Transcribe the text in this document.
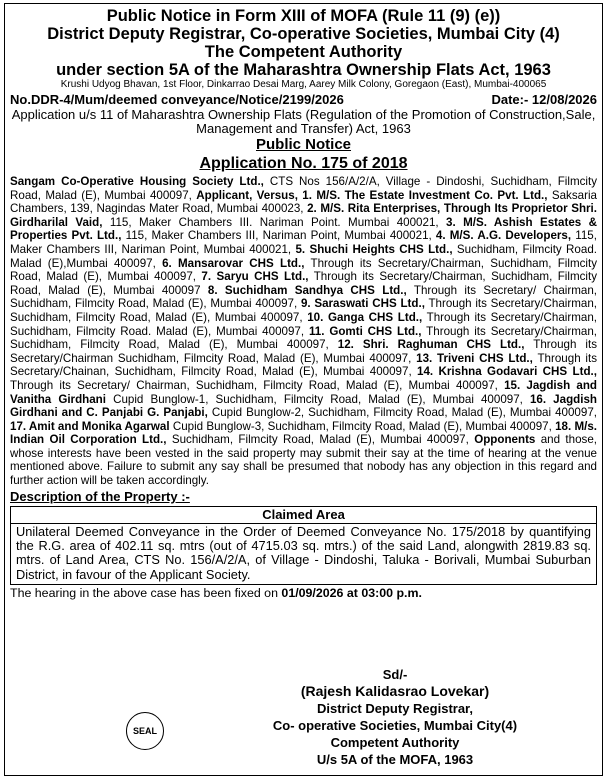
Public Notice in Form XIII of MOFA (Rule 11 (9) (e))
District Deputy Registrar, Co-operative Societies, Mumbai City (4)
The Competent Authority
under section 5A of the Maharashtra Ownership Flats Act, 1963
Krushi Udyog Bhavan, 1st Floor, Dinkarrao Desai Marg, Aarey Milk Colony, Goregaon (East), Mumbai-400065
No.DDR-4/Mum/deemed conveyance/Notice/2199/2026	Date:- 12/08/2026
Application u/s 11 of Maharashtra Ownership Flats (Regulation of the Promotion of Construction,Sale, Management and Transfer) Act, 1963
Public Notice
Application No. 175 of 2018
Sangam Co-Operative Housing Society Ltd., CTS Nos 156/A/2/A, Village - Dindoshi, Suchidham, Filmcity Road, Malad (E), Mumbai 400097, Applicant, Versus, 1. M/S. The Estate Investment Co. Pvt. Ltd., Saksaria Chambers, 139, Nagindas Mater Road, Mumbai 400023, 2. M/S. Rita Enterprises, Through Its Proprietor Shri. Girdharilal Vaid, 115, Maker Chambers III. Nariman Point. Mumbai 400021, 3. M/S. Ashish Estates & Properties Pvt. Ltd., 115, Maker Chambers III, Nariman Point, Mumbai 400021, 4. M/S. A.G. Developers, 115, Maker Chambers III, Nariman Point, Mumbai 400021, 5. Shuchi Heights CHS Ltd., Suchidham, Filmcity Road. Malad (E),Mumbai 400097, 6. Mansarovar CHS Ltd., Through its Secretary/Chairman, Suchidham, Filmcity Road, Malad (E), Mumbai 400097, 7. Saryu CHS Ltd., Through its Secretary/Chairman, Suchidham, Filmcity Road, Malad (E), Mumbai 400097 8. Suchidham Sandhya CHS Ltd., Through its Secretary/ Chairman, Suchidham, Filmcity Road, Malad (E), Mumbai 400097, 9. Saraswati CHS Ltd., Through its Secretary/Chairman, Suchidham, Filmcity Road, Malad (E), Mumbai 400097, 10. Ganga CHS Ltd., Through its Secretary/Chairman, Suchidham, Filmcity Road. Malad (E), Mumbai 400097, 11. Gomti CHS Ltd., Through its Secretary/Chairman, Suchidham, Filmcity Road, Malad (E), Mumbai 400097, 12. Shri. Raghuman CHS Ltd., Through its Secretary/Chairman Suchidham, Filmcity Road, Malad (E), Mumbai 400097, 13. Triveni CHS Ltd., Through its Secretary/Chainan, Suchidham, Filmcity Road, Malad (E), Mumbai 400097, 14. Krishna Godavari CHS Ltd., Through its Secretary/ Chairman, Suchidham, Filmcity Road, Malad (E), Mumbai 400097, 15. Jagdish and Vanitha Girdhani Cupid Bunglow-1, Suchidham, Filmcity Road, Malad (E), Mumbai 400097, 16. Jagdish Girdhani and C. Panjabi G. Panjabi, Cupid Bunglow-2, Suchidham, Filmcity Road, Malad (E), Mumbai 400097, 17. Amit and Monika Agarwal Cupid Bunglow-3, Suchidham, Filmcity Road, Malad (E), Mumbai 400097, 18. M/s. Indian Oil Corporation Ltd., Suchidham, Filmcity Road, Malad (E), Mumbai 400097, Opponents and those, whose interests have been vested in the said property may submit their say at the time of hearing at the venue mentioned above. Failure to submit any say shall be presumed that nobody has any objection in this regard and further action will be taken accordingly.
Description of the Property :-
Claimed Area
Unilateral Deemed Conveyance in the Order of Deemed Conveyance No. 175/2018 by quantifying the R.G. area of 402.11 sq. mtrs (out of 4715.03 sq. mtrs.) of the said Land, alongwith 2819.83 sq. mtrs. of Land Area, CTS No. 156/A/2/A, of Village - Dindoshi, Taluka - Borivali, Mumbai Suburban District, in favour of the Applicant Society.
The hearing in the above case has been fixed on 01/09/2026 at 03:00 p.m.
Sd/-
(Rajesh Kalidasrao Lovekar)
District Deputy Registrar,
Co- operative Societies, Mumbai City(4)
Competent Authority
U/s 5A of the MOFA, 1963
SEAL
